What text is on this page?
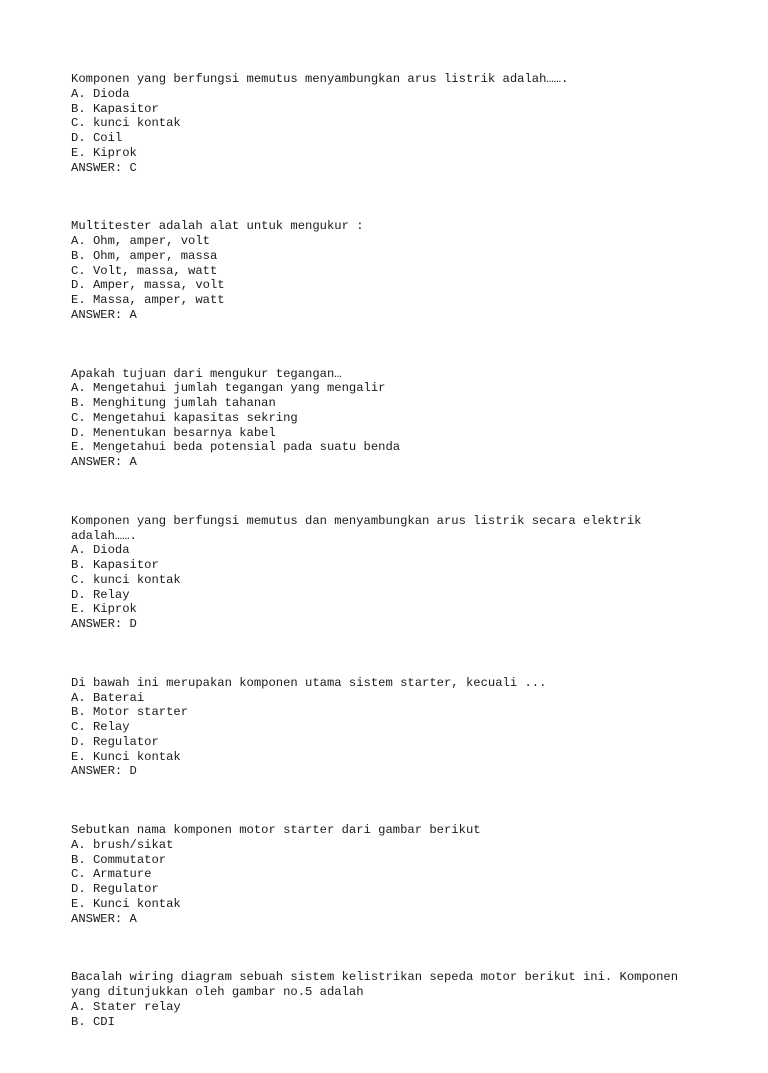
Komponen yang berfungsi memutus menyambungkan arus listrik adalah…….
A. Dioda
B. Kapasitor
C. kunci kontak
D. Coil
E. Kiprok
ANSWER: C
Multitester adalah alat untuk mengukur :
A. Ohm, amper, volt
B. Ohm, amper, massa
C. Volt, massa, watt
D. Amper, massa, volt
E. Massa, amper, watt
ANSWER: A
Apakah tujuan dari mengukur tegangan…
A. Mengetahui jumlah tegangan yang mengalir
B. Menghitung jumlah tahanan
C. Mengetahui kapasitas sekring
D. Menentukan besarnya kabel
E. Mengetahui beda potensial pada suatu benda
ANSWER: A
Komponen yang berfungsi memutus dan menyambungkan arus listrik secara elektrik adalah…….
A. Dioda
B. Kapasitor
C. kunci kontak
D. Relay
E. Kiprok
ANSWER: D
Di bawah ini merupakan komponen utama sistem starter, kecuali ...
A. Baterai
B. Motor starter
C. Relay
D. Regulator
E. Kunci kontak
ANSWER: D
Sebutkan nama komponen motor starter dari gambar berikut
A. brush/sikat
B. Commutator
C. Armature
D. Regulator
E. Kunci kontak
ANSWER: A
Bacalah wiring diagram sebuah sistem kelistrikan sepeda motor berikut ini. Komponen yang ditunjukkan oleh gambar no.5 adalah
A. Stater relay
B. CDI
